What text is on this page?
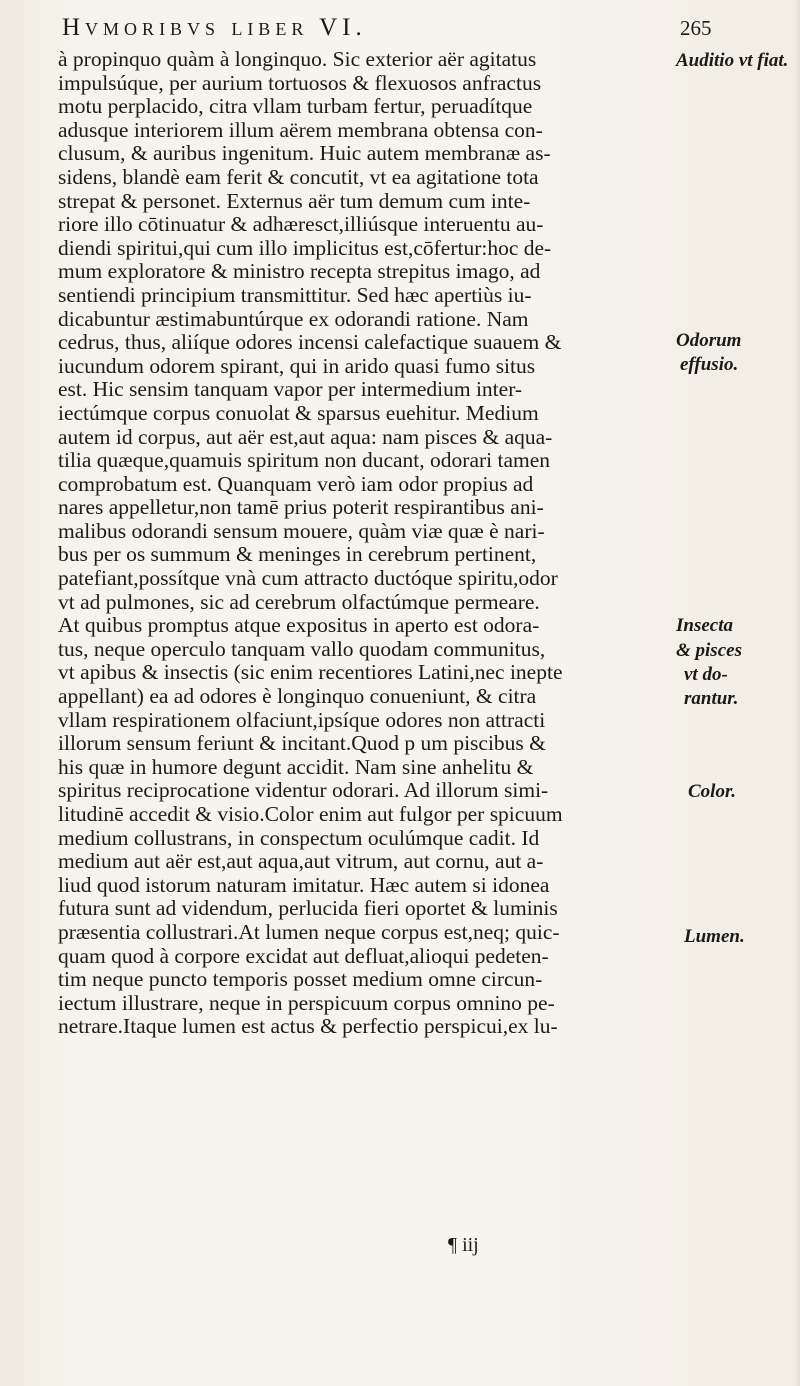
Hvmoribvs liber VI.	265
à propinquo quàm à longinquo. Sic exterior aër agitatus
impulsúque, per aurium tortuosos & flexuosos anfractus
motu perplacido, citra vllam turbam fertur, peruadítque
adusque interiorem illum aërem membrana obtensa con-
clusum, & auribus ingenitum. Huic autem membranæ as-
sidens, blandè eam ferit & concutit, vt ea agitatione tota
strepat & personet. Externus aër tum demum cum inte-
riore illo cōtinuatur & adhæresct,illiúsque interuentu au-
diendi spiritui,qui cum illo implicitus est,cōfertur:hoc de-
mum exploratore & ministro recepta strepitus imago, ad
sentiendi principium transmittitur. Sed hæc apertiùs iu-
dicabuntur æstimabuntúrque ex odorandi ratione. Nam
cedrus, thus, aliíque odores incensi calefactique suauem &
iucundum odorem spirant, qui in arido quasi fumo situs
est. Hic sensim tanquam vapor per intermedium inter-
iectúmque corpus conuolat & sparsus euehitur. Medium
autem id corpus, aut aër est,aut aqua: nam pisces & aqua-
tilia quæque,quamuis spiritum non ducant, odorari tamen
comprobatum est. Quanquam verò iam odor propius ad
nares appelletur,non tamē prius poterit respirantibus ani-
malibus odorandi sensum mouere, quàm viæ quæ è nari-
bus per os summum & meninges in cerebrum pertinent,
patefiant,possítque vnà cum attracto ductóque spiritu,odor
vt ad pulmones, sic ad cerebrum olfactúmque permeare.
At quibus promptus atque expositus in aperto est odora-
tus, neque operculo tanquam vallo quodam communitus,
vt apibus & insectis (sic enim recentiores Latini,nec inepte
appellant) ea ad odores è longinquo conueniunt, & citra
vllam respirationem olfaciunt,ipsíque odores non attracti
illorum sensum feriunt & incitant.Quod p um piscibus &
his quæ in humore degunt accidit. Nam sine anhelitu &
spiritus reciprocatione videntur odorari. Ad illorum simi-
litudinē accedit & visio.Color enim aut fulgor per spicuum
medium collustrans, in conspectum oculúmque cadit. Id
medium aut aër est,aut aqua,aut vitrum, aut cornu, aut a-
liud quod istorum naturam imitatur. Hæc autem si idonea
futura sunt ad videndum, perlucida fieri oportet & luminis
præsentia collustrari.At lumen neque corpus est,neq; quic-
quam quod à corpore excidat aut defluat,alioqui pedeten-
tim neque puncto temporis posset medium omne circun-
iectum illustrare, neque in perspicuum corpus omnino pe-
netrare.Itaque lumen est actus & perfectio perspicui,ex lu-
Auditio vt fiat.
Odorum
effusio.
Insecta
& pisces
vt do-
rantur.
Color.
Lumen.
¶ iij
